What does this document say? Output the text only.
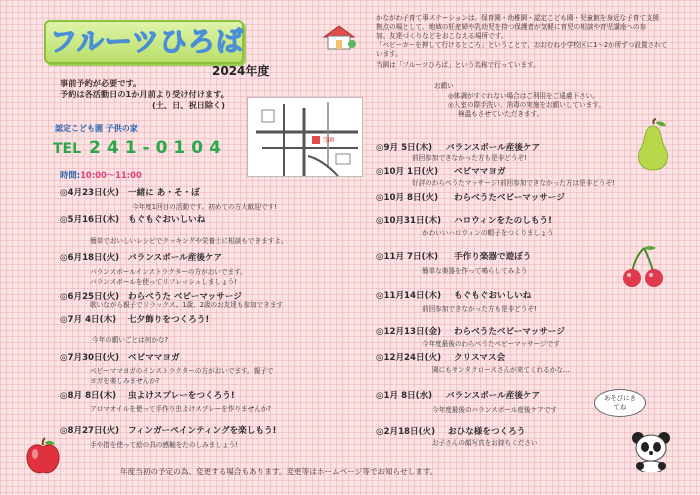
フルーツひろば
2024年度
事前予約が必要です。
予約は各活動日の1か月前より受け付けます。
(土、日、祝日除く)
認定こども園 子供の家
TEL 241-0104
時間:10:00～11:00
当園
かながわ子育て事ステーションは、保育園・幼稚園・認定こども園・児童館を身近な子育て支援
拠点の場として、地域の妊産婦や乳幼児を持つ保護者が気軽に育児の相談や育児講座への参
加、友達づくりなどをおこなえる場所です。
「ベビーカーを押して行けるところ」ということで、おおむね小学校区に1～2か所ずつ設置されて
います。
当園は「フルーツひろば」という名称で行っています。
お願い
◎体調がすぐれない場合はご利用をご遠慮下さい。
◎入室の際手洗い、消毒の実施をお願いしています。
検温もさせていただきます。
◎4月23日(火) 一緒に あ・そ・ぼ
今年度1回目の活動です。初めての方大歓迎です!
◎5月16日(木) もぐもぐおいしいね
簡単でおいしいレシピでクッキングや栄養士に相談もできますよ。
◎6月18日(火) バランスボール産後ケア
バランスボールインストラクターの方がおいでます。
バランスボールを使ってリフレッシュしましょう!
◎6月25日(火) わらべうた ベビーマッサージ
歌いながら親子でリラックス。1歳、2歳のお友達も参加できます
◎7月 4日(木) 七夕飾りをつくろう!
今年の願いごとは何かな?
◎7月30日(火) ベビママヨガ
ベビーママヨガのインストラクターの方がおいでます。親子で
ヨガを楽しみませんか?
◎8月 8日(木) 虫よけスプレーをつくろう!
アロマオイルを使って手作り虫よけスプレーを作りませんか?
◎8月27日(火) フィンガーペインティングを楽しもう!
手や指を使って絵の具の感触をたのしみましょう!
◎9月 5日(木) バランスボール産後ケア
前回参加できなかった方も是非どうぞ!
◎10月 1日(火) ベビママヨガ
好評のわらべうたマッサージ!前回参加できなかった方は是非どうぞ!
◎10月 8日(火) わらべうたベビーマッサージ
◎10月31日(木) ハロウィンをたのしもう!
かわいいハロウィンの帽子をつくりましょう
◎11月 7日(木) 手作り楽器で遊ぼう
簡単な楽器を作って鳴らしてみよう
◎11月14日(木) もぐもぐおいしいね
前回参加できなかった方も是非どうぞ!
◎12月13日(金) わらべうたベビーマッサージ
今年度最後のわらべうたベビーマッサージです
◎12月24日(火) クリスマス会
園にもサンタクロースさんが来てくれるかな…
◎1月 8日(水) バランスボール産後ケア
今年度最後のバランスボール産後ケアです
◎2月18日(火) おひな様をつくろう
お子さんの顔写真をお持ちください
あそびにき
てね
年度当初の予定の為、変更する場合もあります。変更等はホームページ等でお知らせします。
